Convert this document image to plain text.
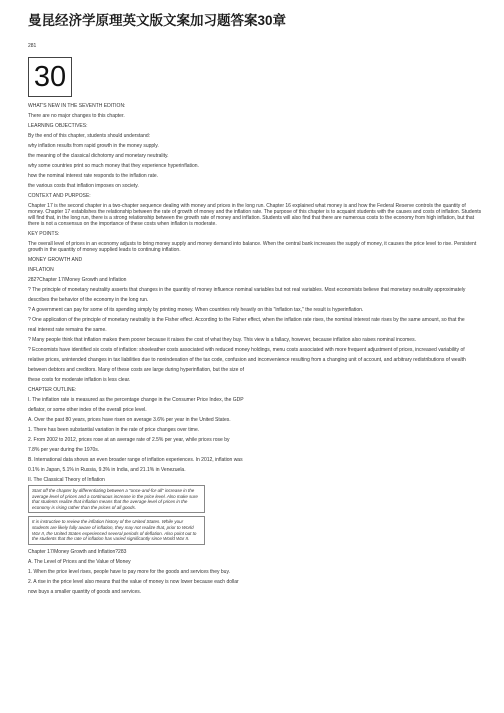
曼昆经济学原理英文版文案加习题答案30章
281
30
WHAT'S NEW IN THE SEVENTH EDITION:
There are no major changes to this chapter.
LEARNING OBJECTIVES:
By the end of this chapter, students should understand:
why inflation results from rapid growth in the money supply.
the meaning of the classical dichotomy and monetary neutrality.
why some countries print so much money that they experience hyperinflation.
how the nominal interest rate responds to the inflation rate.
the various costs that inflation imposes on society.
CONTEXT AND PURPOSE:
Chapter 17 is the second chapter in a two-chapter sequence dealing with money and prices in the long run. Chapter 16 explained what money is and how the Federal Reserve controls the quantity of money. Chapter 17 establishes the relationship between the rate of growth of money and the inflation rate. The purpose of this chapter is to acquaint students with the causes and costs of inflation. Students will find that, in the long run, there is a strong relationship between the growth rate of money and inflation. Students will also find that there are numerous costs to the economy from high inflation, but that there is not a consensus on the importance of these costs when inflation is moderate.
KEY POINTS:
The overall level of prices in an economy adjusts to bring money supply and money demand into balance. When the central bank increases the supply of money, it causes the price level to rise. Persistent growth in the quantity of money supplied leads to continuing inflation.
MONEY GROWTH AND
INFLATION
282?Chapter 17/Money Growth and Inflation
? The principle of monetary neutrality asserts that changes in the quantity of money influence nominal variables but not real variables. Most economists believe that monetary neutrality approximately
describes the behavior of the economy in the long run.
? A government can pay for some of its spending simply by printing money. When countries rely heavily on this "inflation tax," the result is hyperinflation.
? One application of the principle of monetary neutrality is the Fisher effect. According to the Fisher effect, when the inflation rate rises, the nominal interest rate rises by the same amount, so that the
real interest rate remains the same.
? Many people think that inflation makes them poorer because it raises the cost of what they buy. This view is a fallacy, however, because inflation also raises nominal incomes.
? Economists have identified six costs of inflation: shoeleather costs associated with reduced money holdings, menu costs associated with more frequent adjustment of prices, increased variability of
relative prices, unintended changes in tax liabilities due to nonindexation of the tax code, confusion and inconvenience resulting from a changing unit of account, and arbitrary redistributions of wealth
between debtors and creditors. Many of these costs are large during hyperinflation, but the size of
these costs for moderate inflation is less clear.
CHAPTER OUTLINE:
I. The inflation rate is measured as the percentage change in the Consumer Price Index, the GDP
deflator, or some other index of the overall price level.
A. Over the past 80 years, prices have risen on average 3.6% per year in the United States.
1. There has been substantial variation in the rate of price changes over time.
2. From 2002 to 2012, prices rose at an average rate of 2.5% per year, while prices rose by
7.8% per year during the 1970s.
B. International data shows an even broader range of inflation experiences. In 2012, inflation was
0.1% in Japan, 5.1% in Russia, 9.3% in India, and 21.1% in Venezuela.
II. The Classical Theory of Inflation
Start off the chapter by differentiating between a "once-and-for-all" increase in the average level of prices and a continuous increase in the price level. Also make sure that students realize that inflation means that the average level of prices in the economy is rising rather than the prices of all goods.
It is instructive to review the inflation history of the United States. While your students are likely fully aware of inflation, they may not realize that, prior to World War II, the United States experienced several periods of deflation. Also point out to the students that the rate of inflation has varied significantly since World War II.
Chapter 17/Money Growth and Inflation?283
A. The Level of Prices and the Value of Money
1. When the price level rises, people have to pay more for the goods and services they buy.
2. A rise in the price level also means that the value of money is now lower because each dollar
now buys a smaller quantity of goods and services.
